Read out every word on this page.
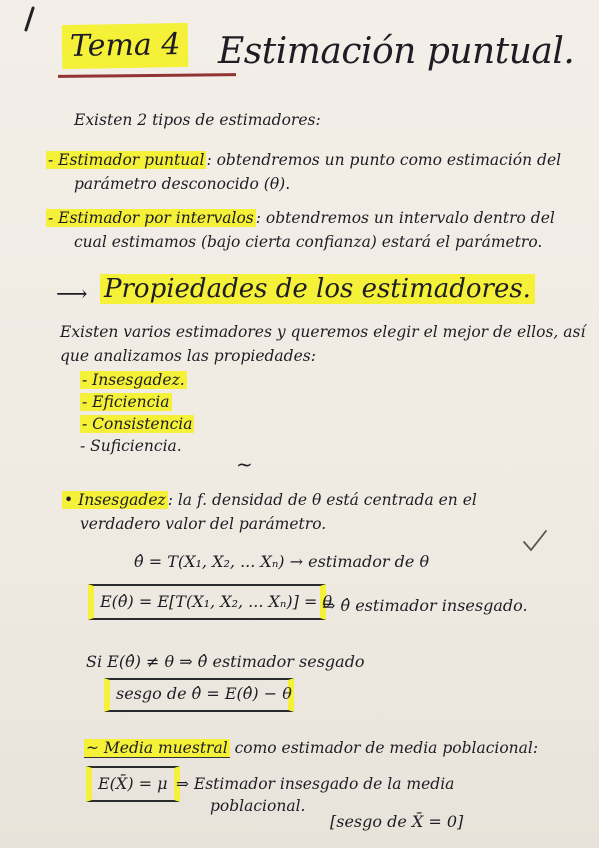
Tema 4 Estimación puntual.
Existen 2 tipos de estimadores:
- Estimador puntual : obtendremos un punto como estimación del
parámetro desconocido (θ).
- Estimador por intervalos : obtendremos un intervalo dentro del
cual estimamos (bajo cierta confianza) estará el parámetro.
⟶ Propiedades de los estimadores.
Existen varios estimadores y queremos elegir el mejor de ellos, así
que analizamos las propiedades:
- Insesgadez.
- Eficiencia
- Consistencia
- Suficiencia.
~
• Insesgadez : la f. densidad de θ está centrada en el
verdadero valor del parámetro.
θ̂ = T(X₁, X₂, ... Xₙ) → estimador de θ
E(θ̂) = E[T(X₁, X₂, ... Xₙ)] = θ
⇒ θ̂ estimador insesgado.
Si E(θ̂) ≠ θ ⇒ θ̂ estimador sesgado
sesgo de θ̂ = E(θ̂) − θ
~ Media muestral como estimador de media poblacional:
E(X̄) = μ ⇒ Estimador insesgado de la media
poblacional.
[sesgo de X̄ = 0]
